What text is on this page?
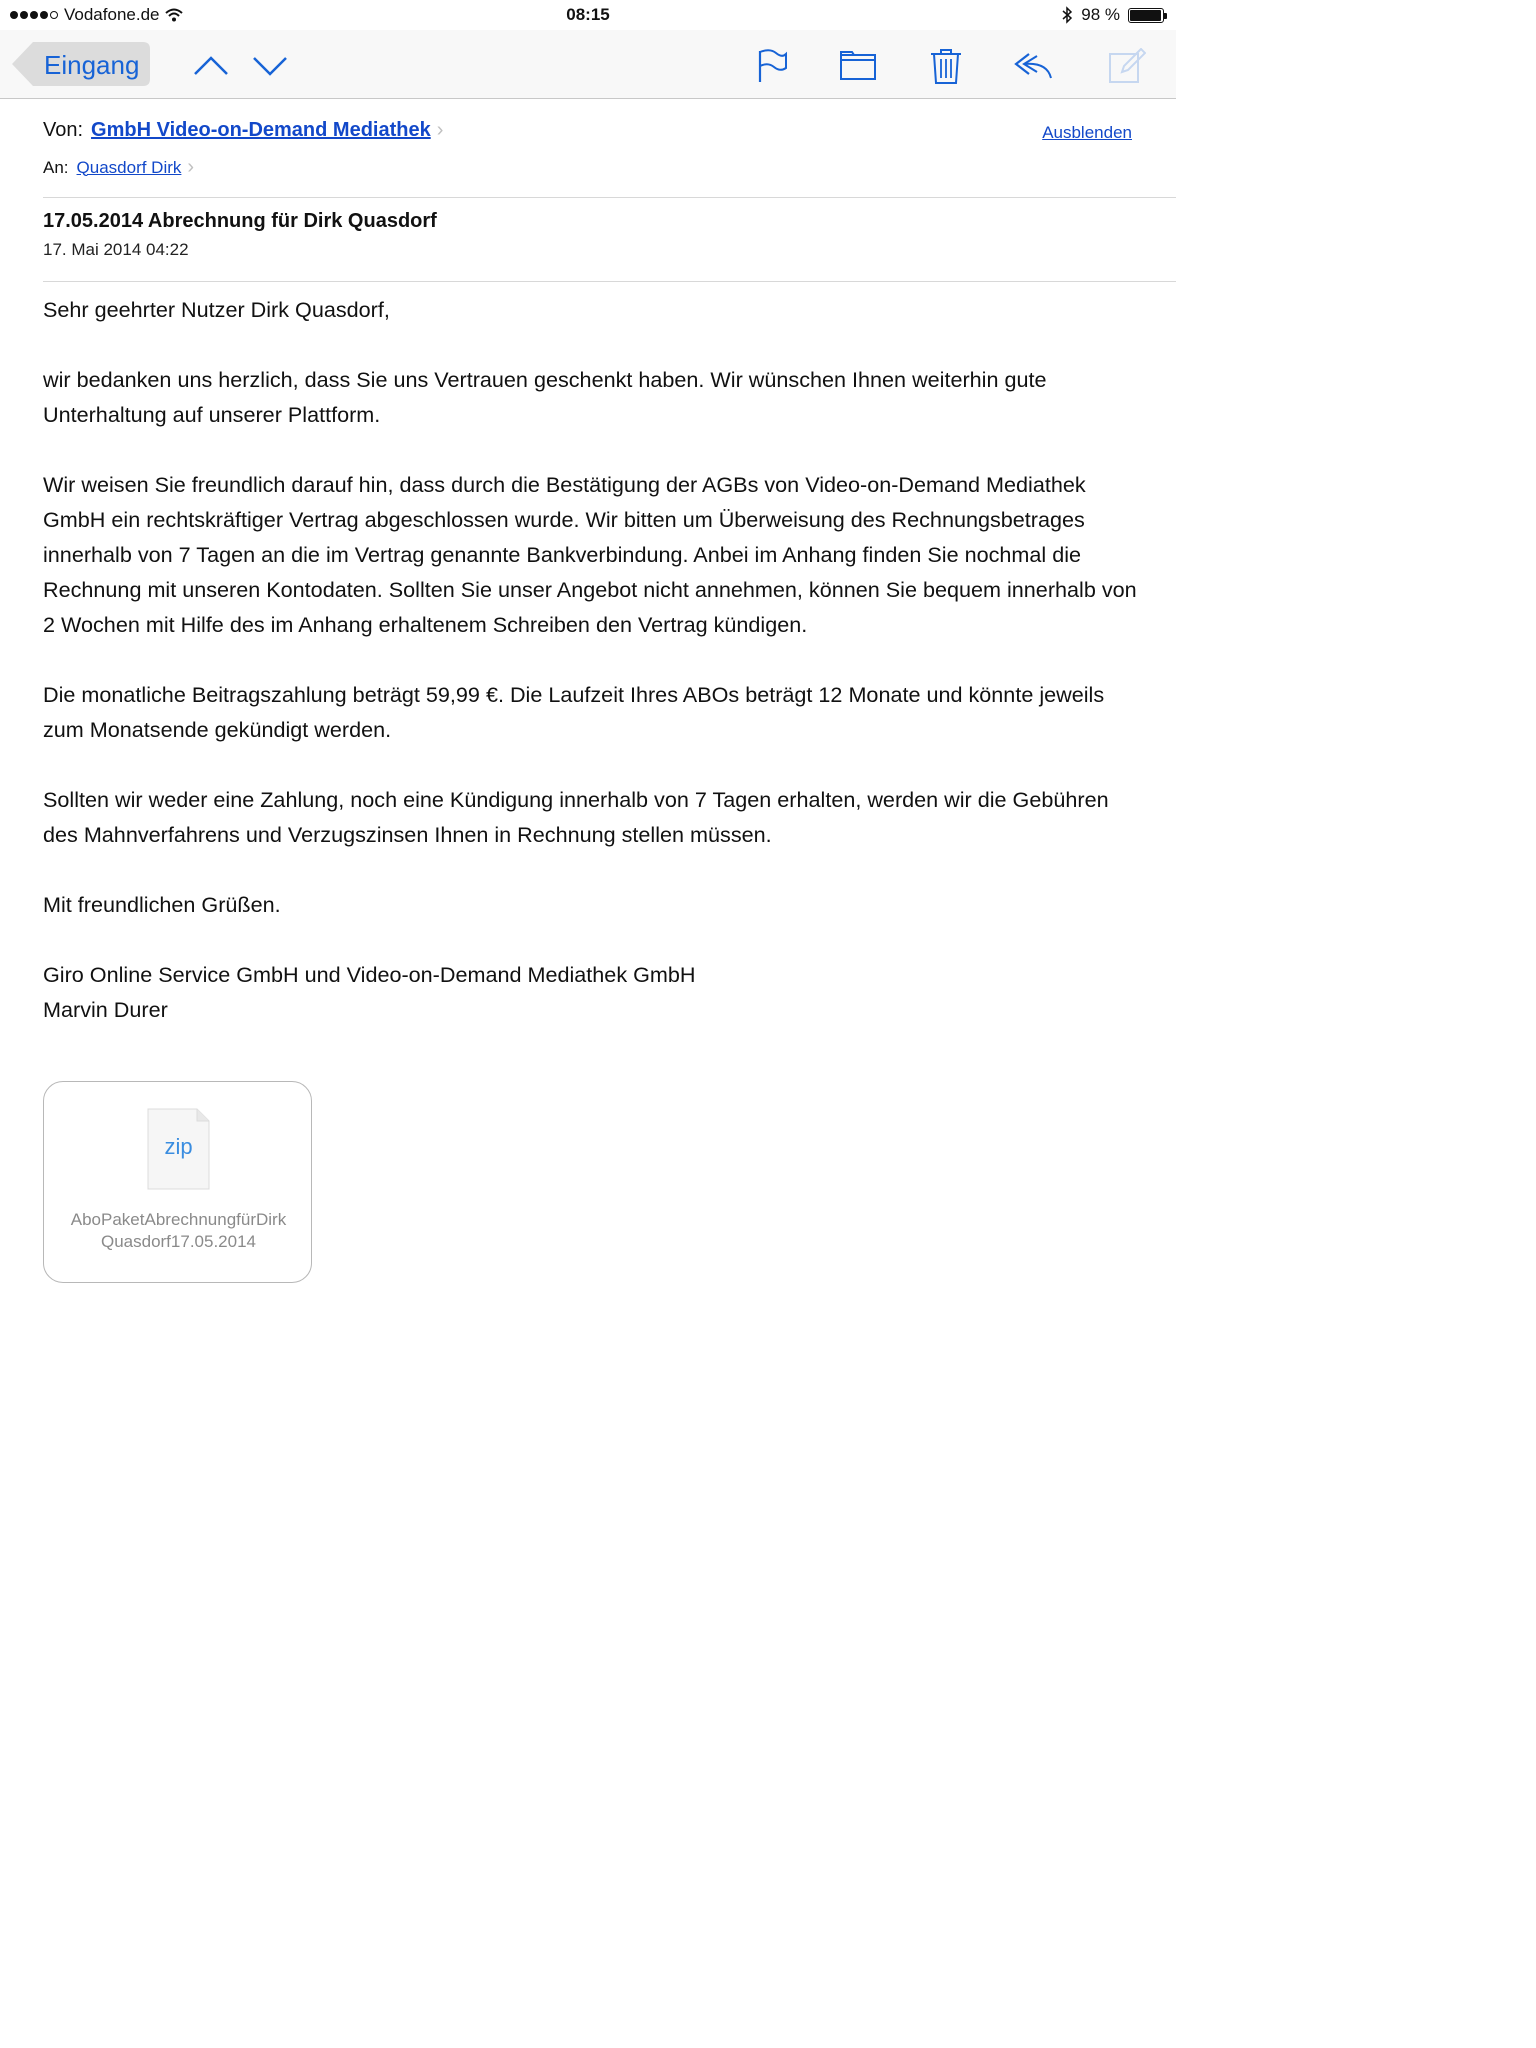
Vodafone.de	08:15	98 %
Eingang
Von: GmbH Video-on-Demand Mediathek ›	Ausblenden
An: Quasdorf Dirk ›
17.05.2014 Abrechnung für Dirk Quasdorf
17. Mai 2014 04:22

Sehr geehrter Nutzer Dirk Quasdorf,

wir bedanken uns herzlich, dass Sie uns Vertrauen geschenkt haben. Wir wünschen Ihnen weiterhin gute Unterhaltung auf unserer Plattform.

Wir weisen Sie freundlich darauf hin, dass durch die Bestätigung der AGBs von Video-on-Demand Mediathek GmbH ein rechtskräftiger Vertrag abgeschlossen wurde. Wir bitten um Überweisung des Rechnungsbetrages innerhalb von 7 Tagen an die im Vertrag genannte Bankverbindung. Anbei im Anhang finden Sie nochmal die Rechnung mit unseren Kontodaten. Sollten Sie unser Angebot nicht annehmen, können Sie bequem innerhalb von 2 Wochen mit Hilfe des im Anhang erhaltenem Schreiben den Vertrag kündigen.

Die monatliche Beitragszahlung beträgt 59,99 €. Die Laufzeit Ihres ABOs beträgt 12 Monate und könnte jeweils zum Monatsende gekündigt werden.

Sollten wir weder eine Zahlung, noch eine Kündigung innerhalb von 7 Tagen erhalten, werden wir die Gebühren des Mahnverfahrens und Verzugszinsen Ihnen in Rechnung stellen müssen.

Mit freundlichen Grüßen.

Giro Online Service GmbH und Video-on-Demand Mediathek GmbH

Marvin Durer

zip
AboPaketAbrechnungfürDirk
Quasdorf17.05.2014
